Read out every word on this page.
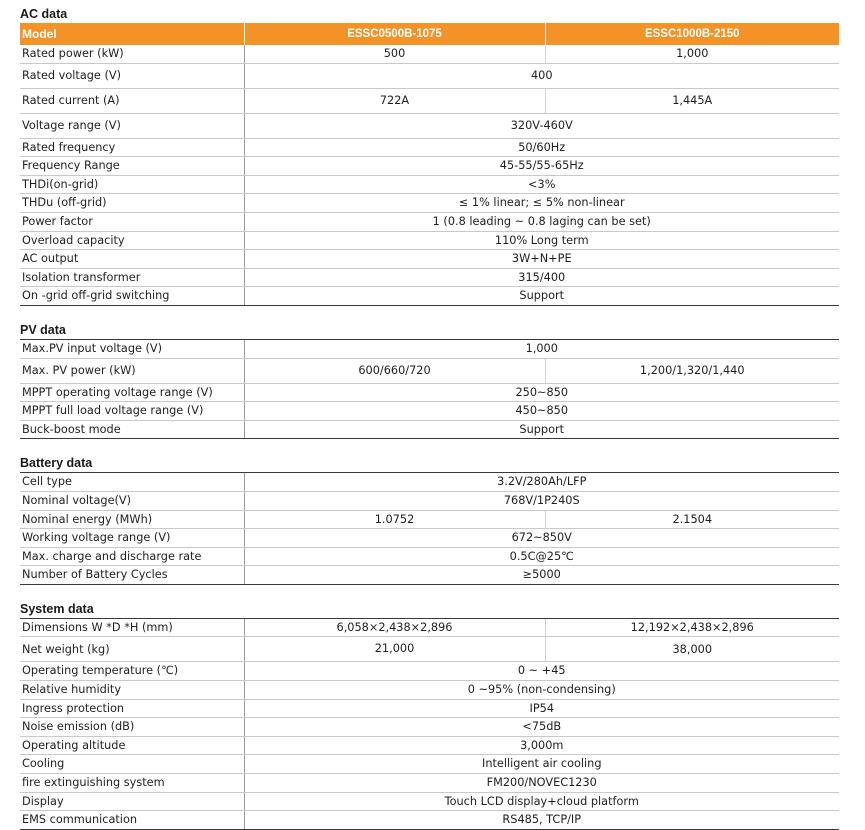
AC data
Model	ESSC0500B-1075	ESSC1000B-2150
Rated power (kW)	500	1,000
Rated voltage (V)	400	
Rated current (A)	722A	1,445A
Voltage range (V)	320V-460V	
Rated frequency	50/60Hz	
Frequency Range	45-55/55-65Hz	
THDi(on-grid)	<3%	
THDu (off-grid)	≤ 1% linear; ≤ 5% non-linear	
Power factor	1 (0.8 leading ~ 0.8 laging can be set)	
Overload capacity	110% Long term	
AC output	3W+N+PE	
Isolation transformer	315/400	
On -grid off-grid switching	Support	
PV data
Max.PV input voltage (V)	1,000	
Max. PV power (kW)	600/660/720	1,200/1,320/1,440
MPPT operating voltage range (V)	250~850	
MPPT full load voltage range (V)	450~850	
Buck-boost mode	Support	
Battery data
Cell type	3.2V/280Ah/LFP	
Nominal voltage(V)	768V/1P240S	
Nominal energy (MWh)	1.0752	2.1504
Working voltage range (V)	672~850V	
Max. charge and discharge rate	0.5C@25℃	
Number of Battery Cycles	≥5000	
System data
Dimensions W *D *H (mm)	6,058×2,438×2,896	12,192×2,438×2,896
Net weight (kg)	21,000	38,000
Operating temperature (℃)	0 ~ +45	
Relative humidity	0 ~95% (non-condensing)	
Ingress protection	IP54	
Noise emission (dB)	<75dB	
Operating altitude	3,000m	
Cooling	Intelligent air cooling	
fire extinguishing system	FM200/NOVEC1230	
Display	Touch LCD display+cloud platform	
EMS communication	RS485, TCP/IP	
